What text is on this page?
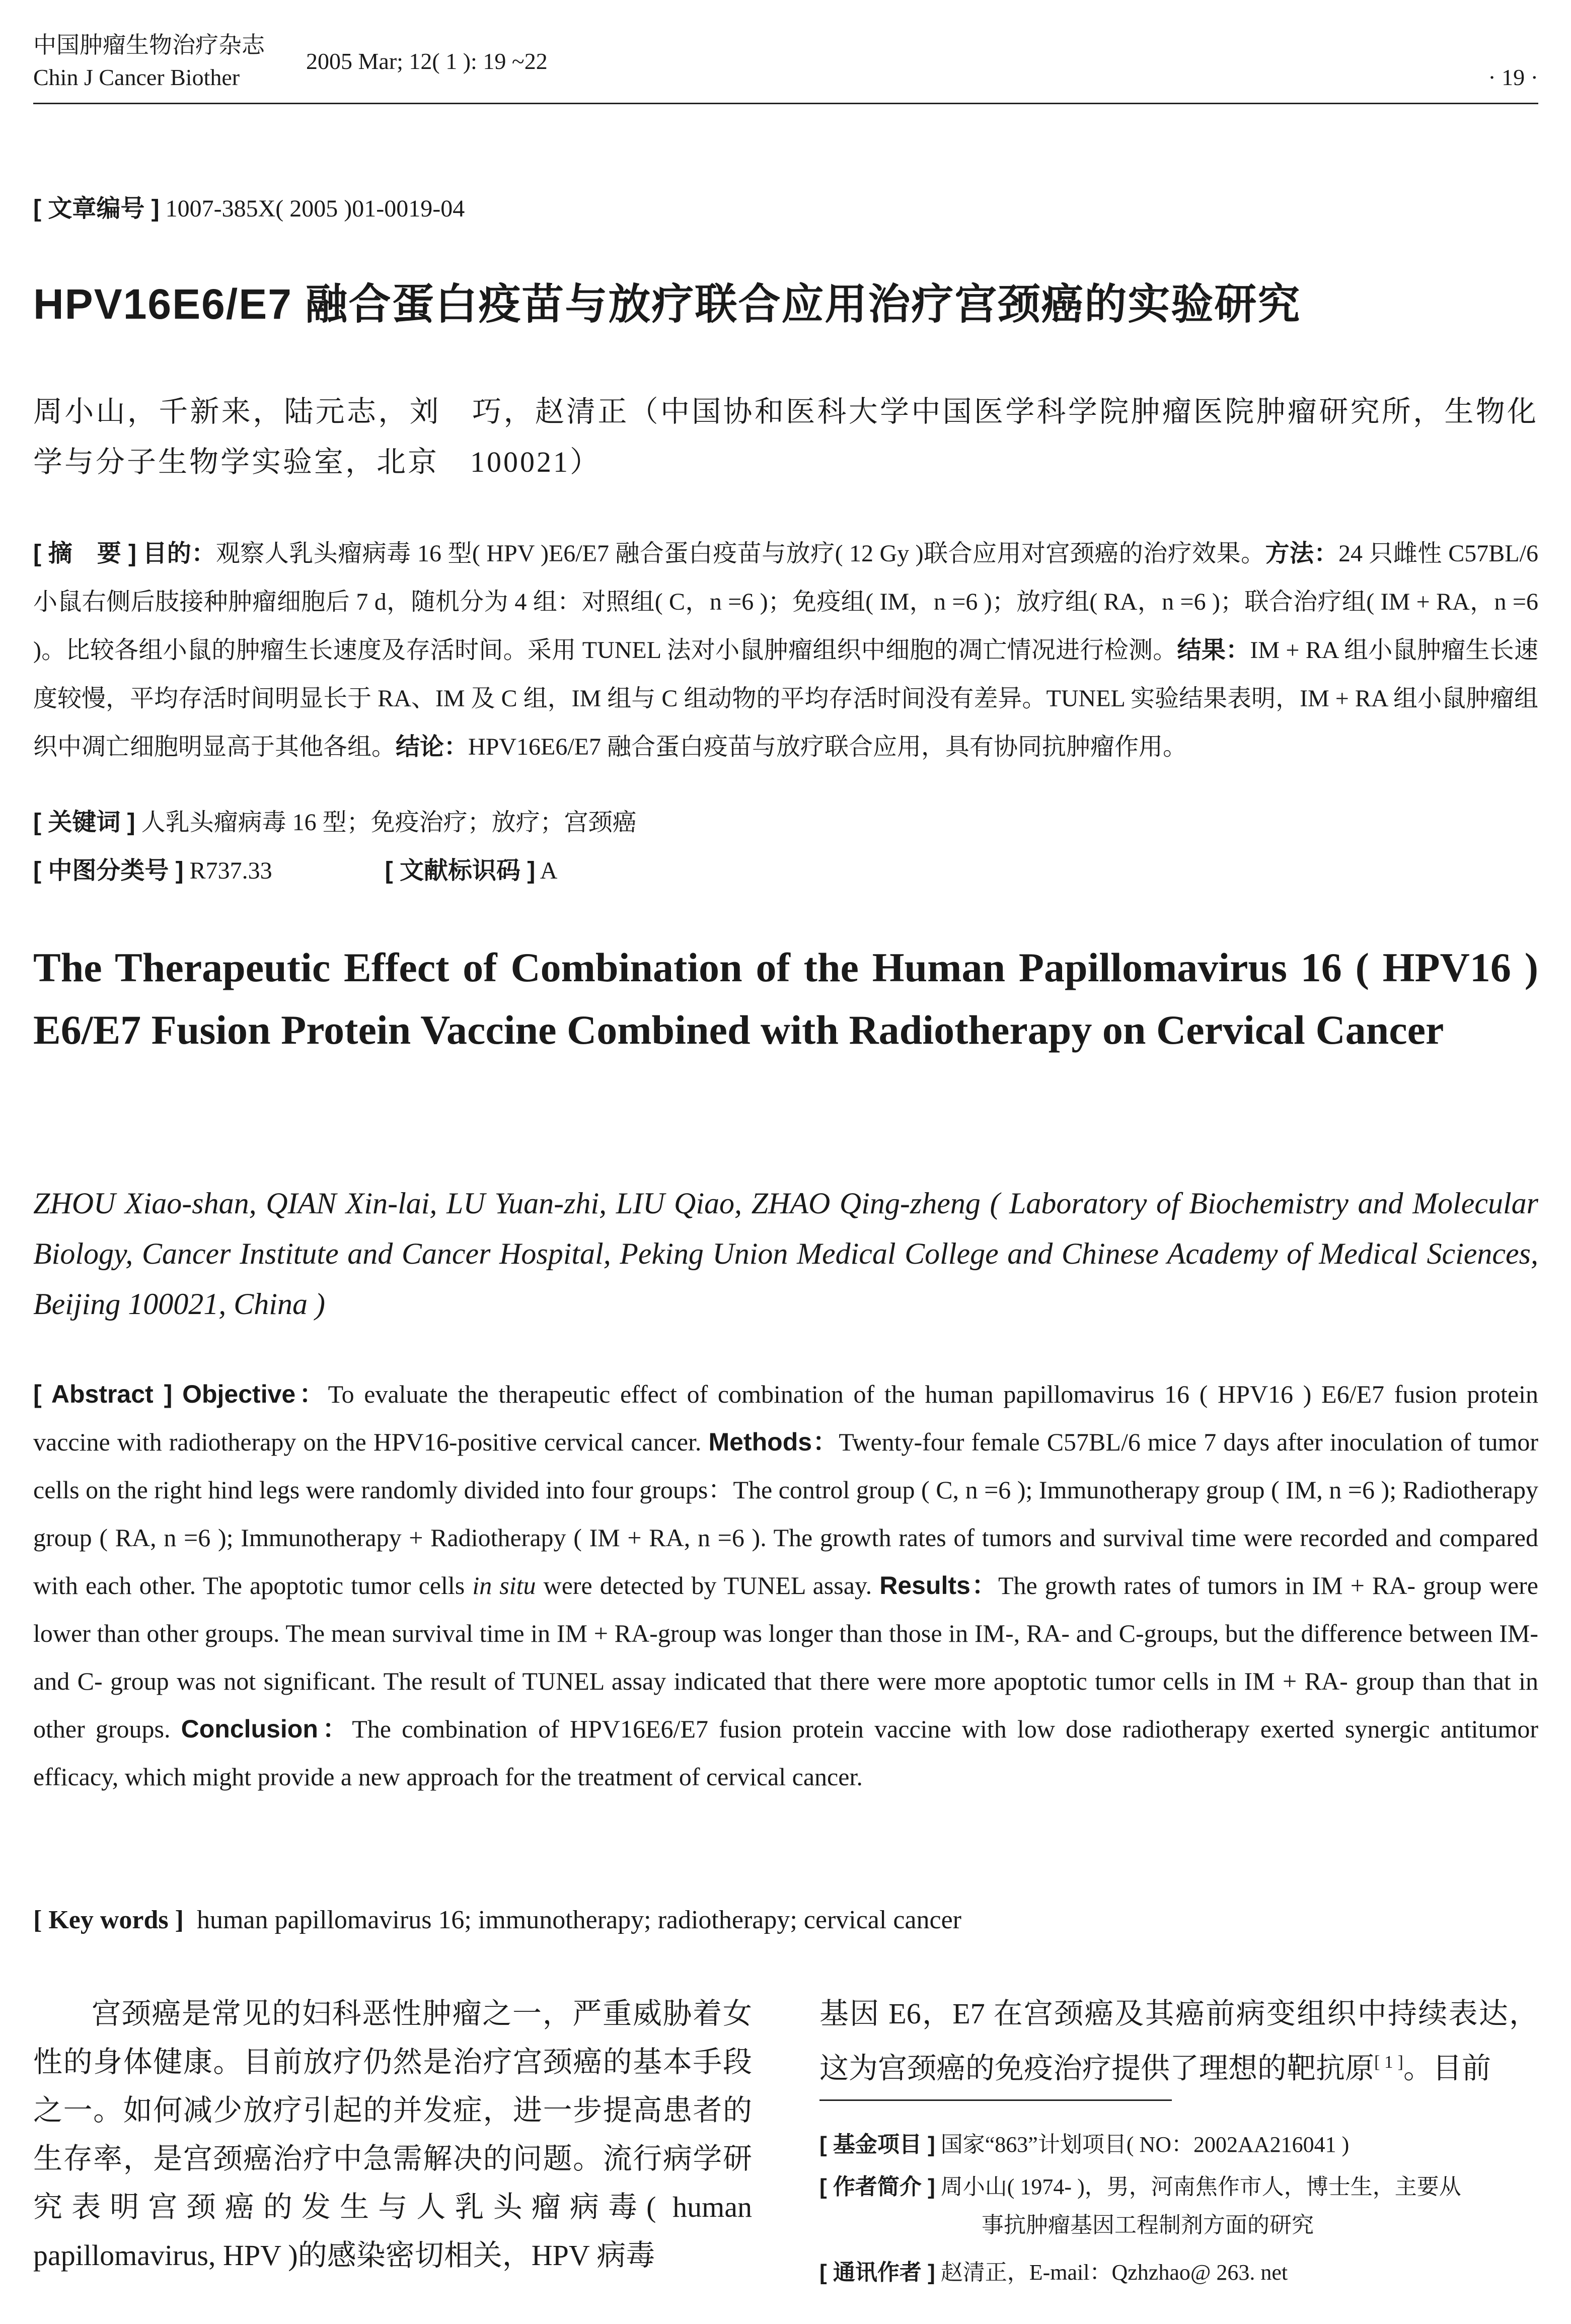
中国肿瘤生物治疗杂志
Chin J Cancer Biother
2005 Mar; 12( 1 ): 19 ~22
· 19 ·
[ 文章编号 ] 1007-385X( 2005 )01-0019-04
HPV16E6/E7 融合蛋白疫苗与放疗联合应用治疗宫颈癌的实验研究
周小山，千新来，陆元志，刘　巧，赵清正（中国协和医科大学中国医学科学院肿瘤医院肿瘤研究所，生物化学与分子生物学实验室，北京　100021）
[ 摘　要 ] 目的：观察人乳头瘤病毒 16 型( HPV )E6/E7 融合蛋白疫苗与放疗( 12 Gy )联合应用对宫颈癌的治疗效果。方法：24 只雌性 C57BL/6 小鼠右侧后肢接种肿瘤细胞后 7 d，随机分为 4 组：对照组( C，n =6 )；免疫组( IM，n =6 )；放疗组( RA，n =6 )；联合治疗组( IM + RA，n =6 )。比较各组小鼠的肿瘤生长速度及存活时间。采用 TUNEL 法对小鼠肿瘤组织中细胞的凋亡情况进行检测。结果：IM + RA 组小鼠肿瘤生长速度较慢，平均存活时间明显长于 RA、IM 及 C 组，IM 组与 C 组动物的平均存活时间没有差异。TUNEL 实验结果表明，IM + RA 组小鼠肿瘤组织中凋亡细胞明显高于其他各组。结论：HPV16E6/E7 融合蛋白疫苗与放疗联合应用，具有协同抗肿瘤作用。
[ 关键词 ] 人乳头瘤病毒 16 型；免疫治疗；放疗；宫颈癌
[ 中图分类号 ] R737.33	[ 文献标识码 ] A
The Therapeutic Effect of Combination of the Human Papillomavirus 16 ( HPV16 ) E6/E7 Fusion Protein Vaccine Combined with Radiotherapy on Cervical Cancer
ZHOU Xiao-shan, QIAN Xin-lai, LU Yuan-zhi, LIU Qiao, ZHAO Qing-zheng ( Laboratory of Biochemistry and Molecular Biology, Cancer Institute and Cancer Hospital, Peking Union Medical College and Chinese Academy of Medical Sciences, Beijing 100021, China )
[ Abstract ] Objective：To evaluate the therapeutic effect of combination of the human papillomavirus 16 ( HPV16 ) E6/E7 fusion protein vaccine with radiotherapy on the HPV16-positive cervical cancer. Methods：Twenty-four female C57BL/6 mice 7 days after inoculation of tumor cells on the right hind legs were randomly divided into four groups：The control group ( C, n =6 ); Immunotherapy group ( IM, n =6 ); Radiotherapy group ( RA, n =6 ); Immunotherapy + Radiotherapy ( IM + RA, n =6 ). The growth rates of tumors and survival time were recorded and compared with each other. The apoptotic tumor cells in situ were detected by TUNEL assay. Results：The growth rates of tumors in IM + RA- group were lower than other groups. The mean survival time in IM + RA-group was longer than those in IM-, RA- and C-groups, but the difference between IM- and C- group was not significant. The result of TUNEL assay indicated that there were more apoptotic tumor cells in IM + RA- group than that in other groups. Conclusion：The combination of HPV16E6/E7 fusion protein vaccine with low dose radiotherapy exerted synergic antitumor efficacy, which might provide a new approach for the treatment of cervical cancer.
[ Key words ] human papillomavirus 16; immunotherapy; radiotherapy; cervical cancer
宫颈癌是常见的妇科恶性肿瘤之一，严重威胁着女性的身体健康。目前放疗仍然是治疗宫颈癌的基本手段之一。如何减少放疗引起的并发症，进一步提高患者的生存率，是宫颈癌治疗中急需解决的问题。流行病学研究表明宫颈癌的发生与人乳头瘤病毒( human papillomavirus, HPV )的感染密切相关，HPV 病毒
基因 E6，E7 在宫颈癌及其癌前病变组织中持续表达，这为宫颈癌的免疫治疗提供了理想的靶抗原[ 1 ]。目前
[ 基金项目 ] 国家“863”计划项目( NO：2002AA216041 )
[ 作者简介 ] 周小山( 1974- )，男，河南焦作市人，博士生，主要从
事抗肿瘤基因工程制剂方面的研究
[ 通讯作者 ] 赵清正，E-mail：Qzhzhao@ 263. net
